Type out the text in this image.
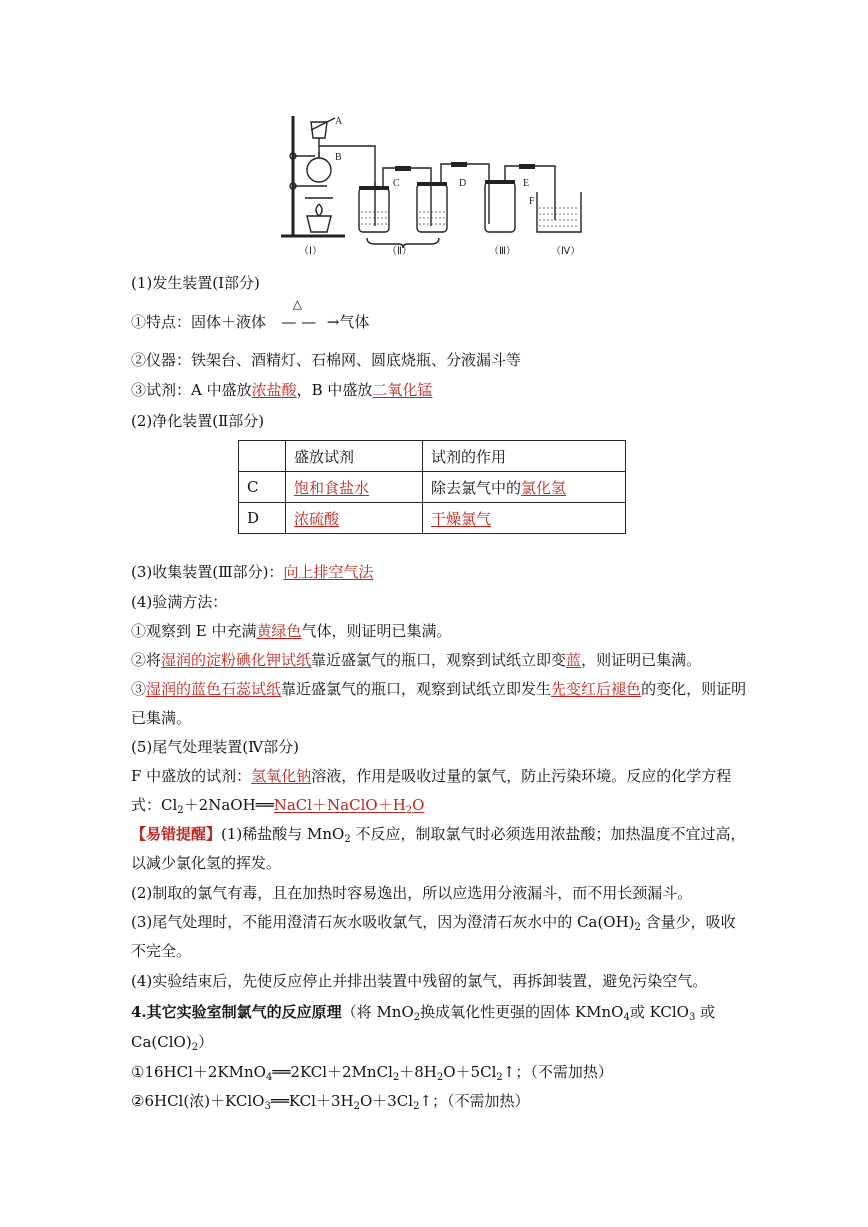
A
B
C	D	E
F
（Ⅰ）	（Ⅱ）	（Ⅲ）	（Ⅳ）
(1)发生装置(Ⅰ部分)
①特点：固体＋液体
△
— — →气体
②仪器：铁架台、酒精灯、石棉网、圆底烧瓶、分液漏斗等
③试剂：A 中盛放浓盐酸，B 中盛放二氧化锰
(2)净化装置(Ⅱ部分)
	盛放试剂	试剂的作用
C	饱和食盐水	除去氯气中的氯化氢
D	浓硫酸	干燥氯气
(3)收集装置(Ⅲ部分)：向上排空气法
(4)验满方法：
①观察到 E 中充满黄绿色气体，则证明已集满。
②将湿润的淀粉碘化钾试纸靠近盛氯气的瓶口，观察到试纸立即变蓝，则证明已集满。
③湿润的蓝色石蕊试纸靠近盛氯气的瓶口，观察到试纸立即发生先变红后褪色的变化，则证明
已集满。
(5)尾气处理装置(Ⅳ部分)
F 中盛放的试剂：氢氧化钠溶液，作用是吸收过量的氯气，防止污染环境。反应的化学方程
式：$Cl_2+2NaOH══NaCl+NaClO+H_2O$
【易错提醒】(1)稀盐酸与 MnO$_2$ 不反应，制取氯气时必须选用浓盐酸；加热温度不宜过高，
以减少氯化氢的挥发。
(2)制取的氯气有毒，且在加热时容易逸出，所以应选用分液漏斗，而不用长颈漏斗。
(3)尾气处理时，不能用澄清石灰水吸收氯气，因为澄清石灰水中的 $Ca(OH)_2$ 含量少，吸收
不完全。
(4)实验结束后，先使反应停止并排出装置中残留的氯气，再拆卸装置，避免污染空气。
4.其它实验室制氯气的反应原理（将 MnO$_2$换成氧化性更强的固体 KMnO$_4$或 KClO$_3$ 或
$Ca(ClO)_2$）
$①16HCl+2KMnO_4══2KCl+2MnCl_2+8H_2O+5Cl_2↑$；（不需加热）
②6HCl(浓)$+KClO_3══KCl+3H_2O+3Cl_2↑$；（不需加热）
